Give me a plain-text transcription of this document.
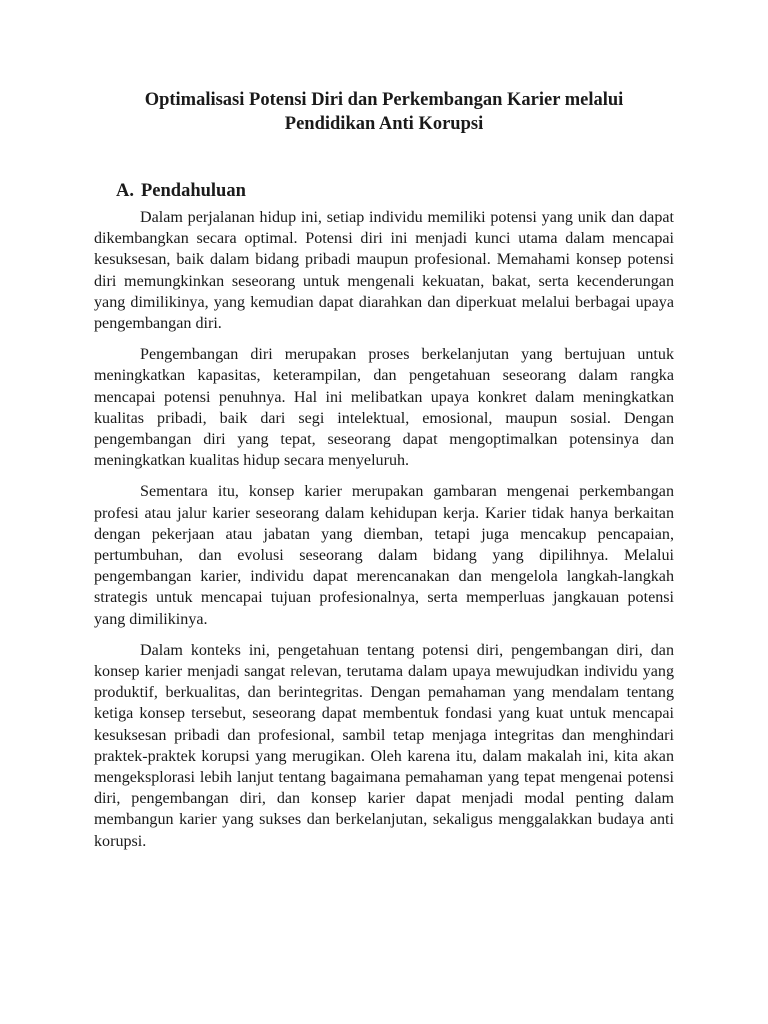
Optimalisasi Potensi Diri dan Perkembangan Karier melalui
Pendidikan Anti Korupsi
A. Pendahuluan

Dalam perjalanan hidup ini, setiap individu memiliki potensi yang unik dan dapat dikembangkan secara optimal. Potensi diri ini menjadi kunci utama dalam mencapai kesuksesan, baik dalam bidang pribadi maupun profesional. Memahami konsep potensi diri memungkinkan seseorang untuk mengenali kekuatan, bakat, serta kecenderungan yang dimilikinya, yang kemudian dapat diarahkan dan diperkuat melalui berbagai upaya pengembangan diri.

Pengembangan diri merupakan proses berkelanjutan yang bertujuan untuk meningkatkan kapasitas, keterampilan, dan pengetahuan seseorang dalam rangka mencapai potensi penuhnya. Hal ini melibatkan upaya konkret dalam meningkatkan kualitas pribadi, baik dari segi intelektual, emosional, maupun sosial. Dengan pengembangan diri yang tepat, seseorang dapat mengoptimalkan potensinya dan meningkatkan kualitas hidup secara menyeluruh.

Sementara itu, konsep karier merupakan gambaran mengenai perkembangan profesi atau jalur karier seseorang dalam kehidupan kerja. Karier tidak hanya berkaitan dengan pekerjaan atau jabatan yang diemban, tetapi juga mencakup pencapaian, pertumbuhan, dan evolusi seseorang dalam bidang yang dipilihnya. Melalui pengembangan karier, individu dapat merencanakan dan mengelola langkah-langkah strategis untuk mencapai tujuan profesionalnya, serta memperluas jangkauan potensi yang dimilikinya.

Dalam konteks ini, pengetahuan tentang potensi diri, pengembangan diri, dan konsep karier menjadi sangat relevan, terutama dalam upaya mewujudkan individu yang produktif, berkualitas, dan berintegritas. Dengan pemahaman yang mendalam tentang ketiga konsep tersebut, seseorang dapat membentuk fondasi yang kuat untuk mencapai kesuksesan pribadi dan profesional, sambil tetap menjaga integritas dan menghindari praktek-praktek korupsi yang merugikan. Oleh karena itu, dalam makalah ini, kita akan mengeksplorasi lebih lanjut tentang bagaimana pemahaman yang tepat mengenai potensi diri, pengembangan diri, dan konsep karier dapat menjadi modal penting dalam membangun karier yang sukses dan berkelanjutan, sekaligus menggalakkan budaya anti korupsi.
